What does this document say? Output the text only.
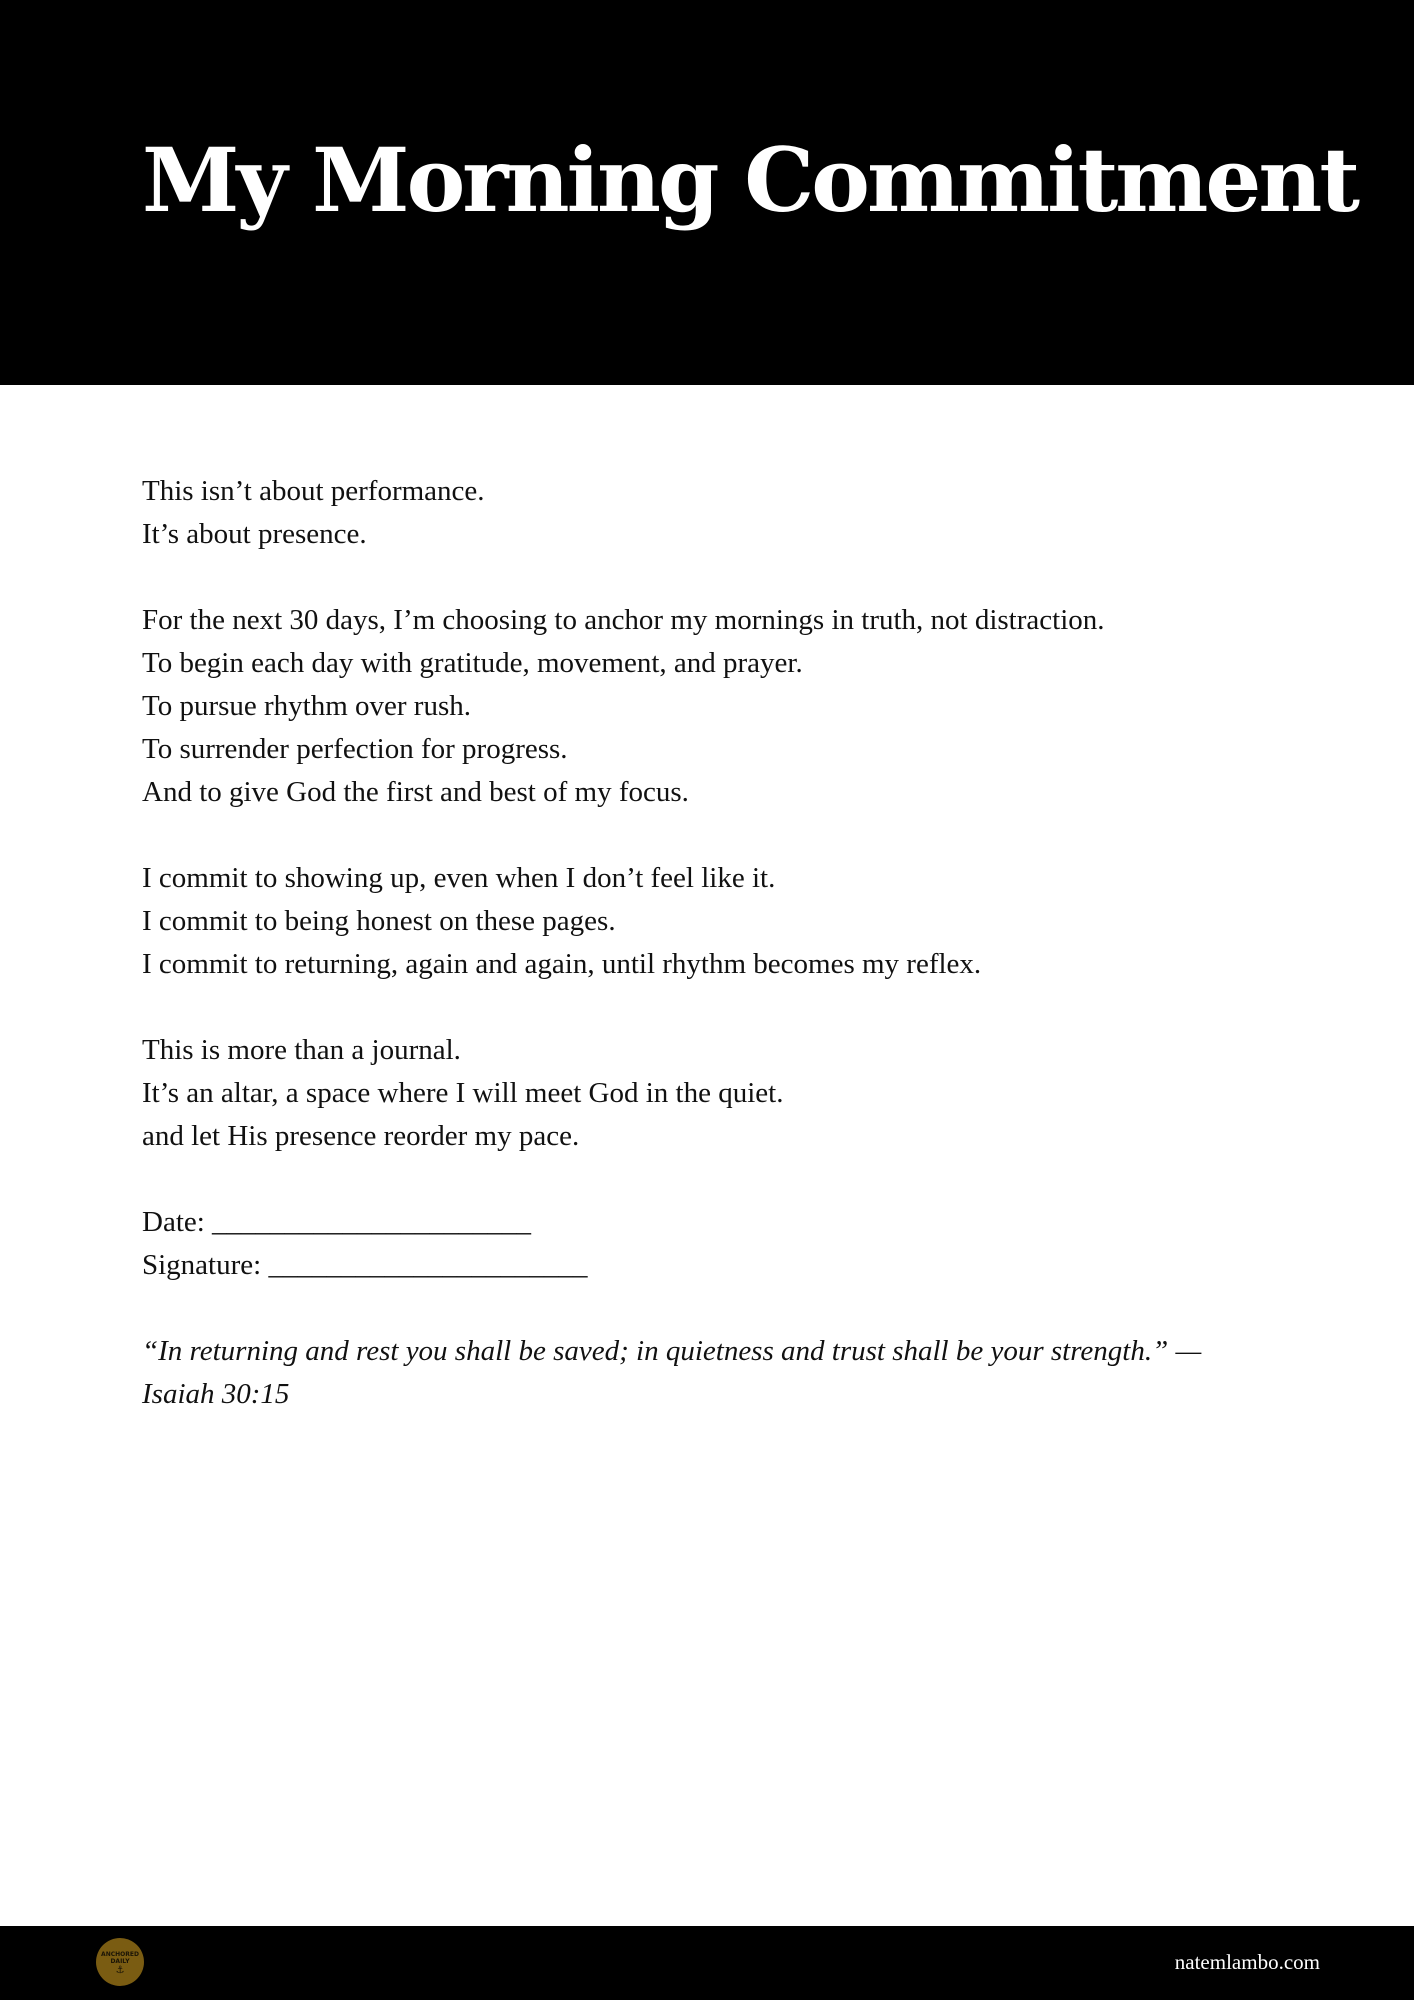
My Morning Commitment
This isn’t about performance.
It’s about presence.
For the next 30 days, I’m choosing to anchor my mornings in truth, not distraction.
To begin each day with gratitude, movement, and prayer.
To pursue rhythm over rush.
To surrender perfection for progress.
And to give God the first and best of my focus.
I commit to showing up, even when I don’t feel like it.
I commit to being honest on these pages.
I commit to returning, again and again, until rhythm becomes my reflex.
This is more than a journal.
It’s an altar, a space where I will meet God in the quiet.
and let His presence reorder my pace.
Date: ______________________
Signature: ______________________
“In returning and rest you shall be saved; in quietness and trust shall be your strength.” — Isaiah 30:15
ANCHORED DAILY
⚓	natemlambo.com
